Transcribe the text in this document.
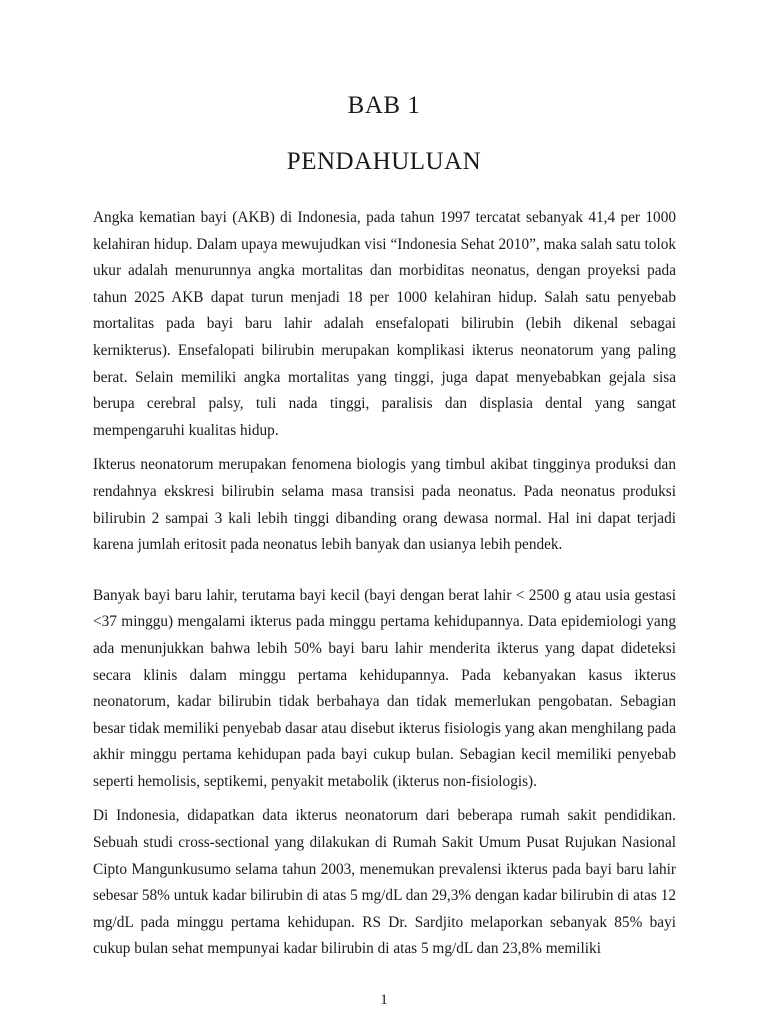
BAB 1
PENDAHULUAN

Angka kematian bayi (AKB) di Indonesia, pada tahun 1997 tercatat sebanyak 41,4 per 1000 kelahiran hidup. Dalam upaya mewujudkan visi “Indonesia Sehat 2010”, maka salah satu tolok ukur adalah menurunnya angka mortalitas dan morbiditas neonatus, dengan proyeksi pada tahun 2025 AKB dapat turun menjadi 18 per 1000 kelahiran hidup. Salah satu penyebab mortalitas pada bayi baru lahir adalah ensefalopati bilirubin (lebih dikenal sebagai kernikterus). Ensefalopati bilirubin merupakan komplikasi ikterus neonatorum yang paling berat. Selain memiliki angka mortalitas yang tinggi, juga dapat menyebabkan gejala sisa berupa cerebral palsy, tuli nada tinggi, paralisis dan displasia dental yang sangat mempengaruhi kualitas hidup.

Ikterus neonatorum merupakan fenomena biologis yang timbul akibat tingginya produksi dan rendahnya ekskresi bilirubin selama masa transisi pada neonatus. Pada neonatus produksi bilirubin 2 sampai 3 kali lebih tinggi dibanding orang dewasa normal. Hal ini dapat terjadi karena jumlah eritosit pada neonatus lebih banyak dan usianya lebih pendek.

Banyak bayi baru lahir, terutama bayi kecil (bayi dengan berat lahir < 2500 g atau usia gestasi <37 minggu) mengalami ikterus pada minggu pertama kehidupannya. Data epidemiologi yang ada menunjukkan bahwa lebih 50% bayi baru lahir menderita ikterus yang dapat dideteksi secara klinis dalam minggu pertama kehidupannya. Pada kebanyakan kasus ikterus neonatorum, kadar bilirubin tidak berbahaya dan tidak memerlukan pengobatan. Sebagian besar tidak memiliki penyebab dasar atau disebut ikterus fisiologis yang akan menghilang pada akhir minggu pertama kehidupan pada bayi cukup bulan. Sebagian kecil memiliki penyebab seperti hemolisis, septikemi, penyakit metabolik (ikterus non-fisiologis).

Di Indonesia, didapatkan data ikterus neonatorum dari beberapa rumah sakit pendidikan. Sebuah studi cross-sectional yang dilakukan di Rumah Sakit Umum Pusat Rujukan Nasional Cipto Mangunkusumo selama tahun 2003, menemukan prevalensi ikterus pada bayi baru lahir sebesar 58% untuk kadar bilirubin di atas 5 mg/dL dan 29,3% dengan kadar bilirubin di atas 12 mg/dL pada minggu pertama kehidupan. RS Dr. Sardjito melaporkan sebanyak 85% bayi cukup bulan sehat mempunyai kadar bilirubin di atas 5 mg/dL dan 23,8% memiliki

1
